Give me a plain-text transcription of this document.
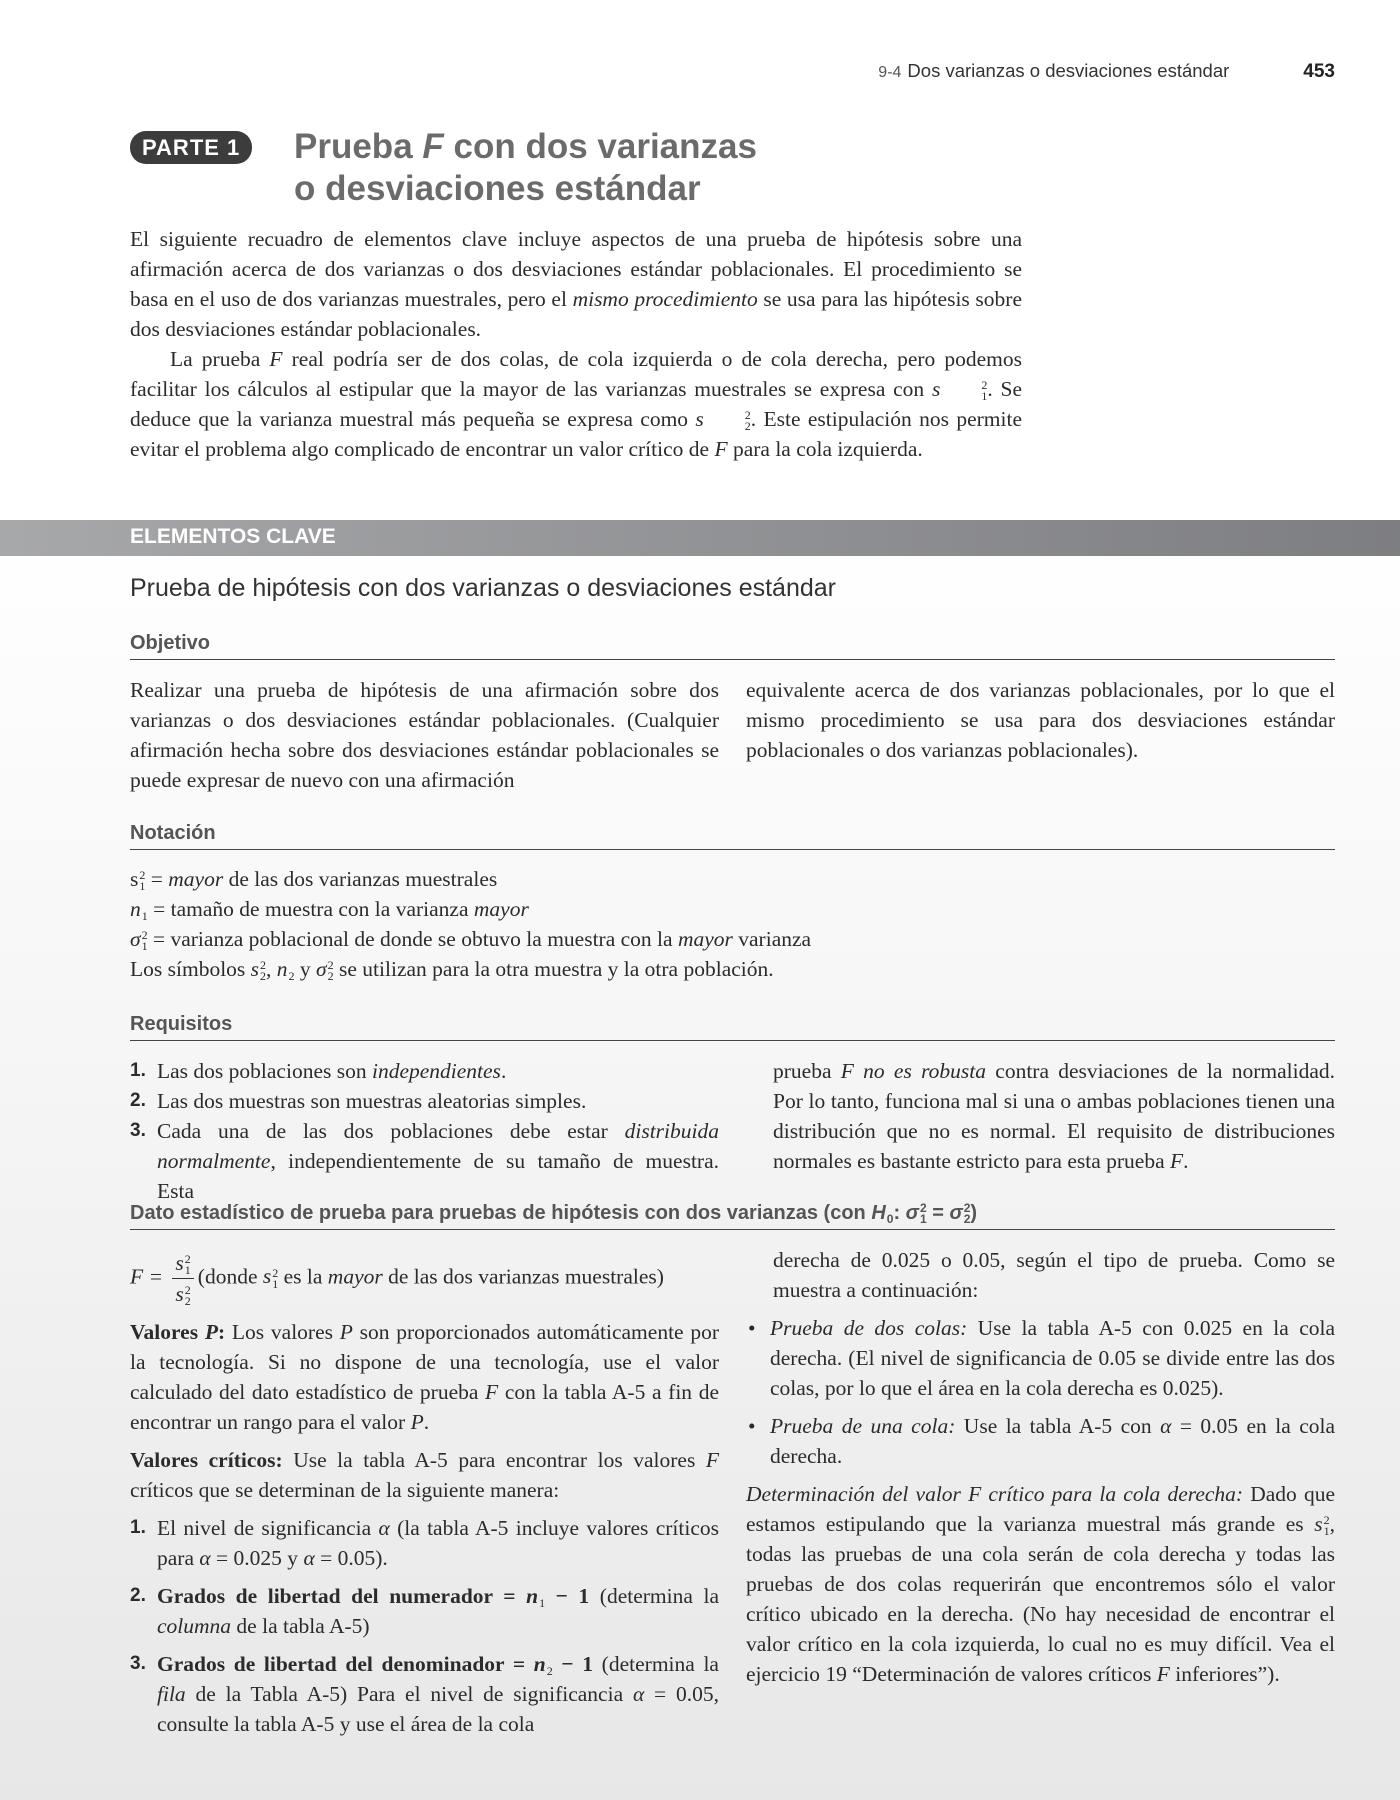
9-4 Dos varianzas o desviaciones estándar	453
PARTE 1	Prueba F con dos varianzas
o desviaciones estándar
El siguiente recuadro de elementos clave incluye aspectos de una prueba de hipótesis sobre una afirmación acerca de dos varianzas o dos desviaciones estándar poblacionales. El procedimiento se basa en el uso de dos varianzas muestrales, pero el mismo procedimiento se usa para las hipótesis sobre dos desviaciones estándar poblacionales.
La prueba F real podría ser de dos colas, de cola izquierda o de cola derecha, pero podemos facilitar los cálculos al estipular que la mayor de las varianzas muestrales se expresa con s	2
1 . Se deduce que la varianza muestral más pequeña se expresa como s	2
2 . Este estipulación nos permite evitar el problema algo complicado de encontrar un valor crítico de F para la cola izquierda.
ELEMENTOS CLAVE
Prueba de hipótesis con dos varianzas o desviaciones estándar
Objetivo
Realizar una prueba de hipótesis de una afirmación sobre dos varianzas o dos desviaciones estándar poblacionales. (Cualquier afirmación hecha sobre dos desviaciones estándar poblacionales se puede expresar de nuevo con una afirmación
equivalente acerca de dos varianzas poblacionales, por lo que el mismo procedimiento se usa para dos desviaciones estándar poblacionales o dos varianzas poblacionales).
Notación
s 2
1 = mayor de las dos varianzas muestrales
n
1 = tamaño de muestra con la varianza mayor
σ 2
1 = varianza poblacional de donde se obtuvo la muestra con la mayor varianza
Los símbolos s 2
2 , n
2 y σ 2
2 se utilizan para la otra muestra y la otra población.
Requisitos
1. Las dos poblaciones son independientes.
2. Las dos muestras son muestras aleatorias simples.
3. Cada una de las dos poblaciones debe estar distribuida normalmente, independientemente de su tamaño de muestra. Esta
prueba F no es robusta contra desviaciones de la normalidad. Por lo tanto, funciona mal si una o ambas poblaciones tienen una distribución que no es normal. El requisito de distribuciones normales es bastante estricto para esta prueba F.
Dato estadístico de prueba para pruebas de hipótesis con dos varianzas (con H
0 : σ 2
1 = σ 2
2 )
F = s 2
1
s 2
2 (donde s 2
1 es la mayor de las dos varianzas muestrales)
Valores P: Los valores P son proporcionados automáticamente por la tecnología. Si no dispone de una tecnología, use el valor calculado del dato estadístico de prueba F con la tabla A-5 a fin de encontrar un rango para el valor P.
Valores críticos: Use la tabla A-5 para encontrar los valores F críticos que se determinan de la siguiente manera:
1. El nivel de significancia α (la tabla A-5 incluye valores críticos para α = 0.025 y α = 0.05).
2. Grados de libertad del numerador = n
1 − 1 (determina la columna de la tabla A-5)
3. Grados de libertad del denominador = n
2 − 1 (determina la fila de la Tabla A-5) Para el nivel de significancia α = 0.05, consulte la tabla A-5 y use el área de la cola
derecha de 0.025 o 0.05, según el tipo de prueba. Como se muestra a continuación:
• Prueba de dos colas: Use la tabla A-5 con 0.025 en la cola derecha. (El nivel de significancia de 0.05 se divide entre las dos colas, por lo que el área en la cola derecha es 0.025).
• Prueba de una cola: Use la tabla A-5 con α = 0.05 en la cola derecha.
Determinación del valor F crítico para la cola derecha: Dado que estamos estipulando que la varianza muestral más grande es s 2
1 , todas las pruebas de una cola serán de cola derecha y todas las pruebas de dos colas requerirán que encontremos sólo el valor crítico ubicado en la derecha. (No hay necesidad de encontrar el valor crítico en la cola izquierda, lo cual no es muy difícil. Vea el ejercicio 19 “Determinación de valores críticos F inferiores”).
